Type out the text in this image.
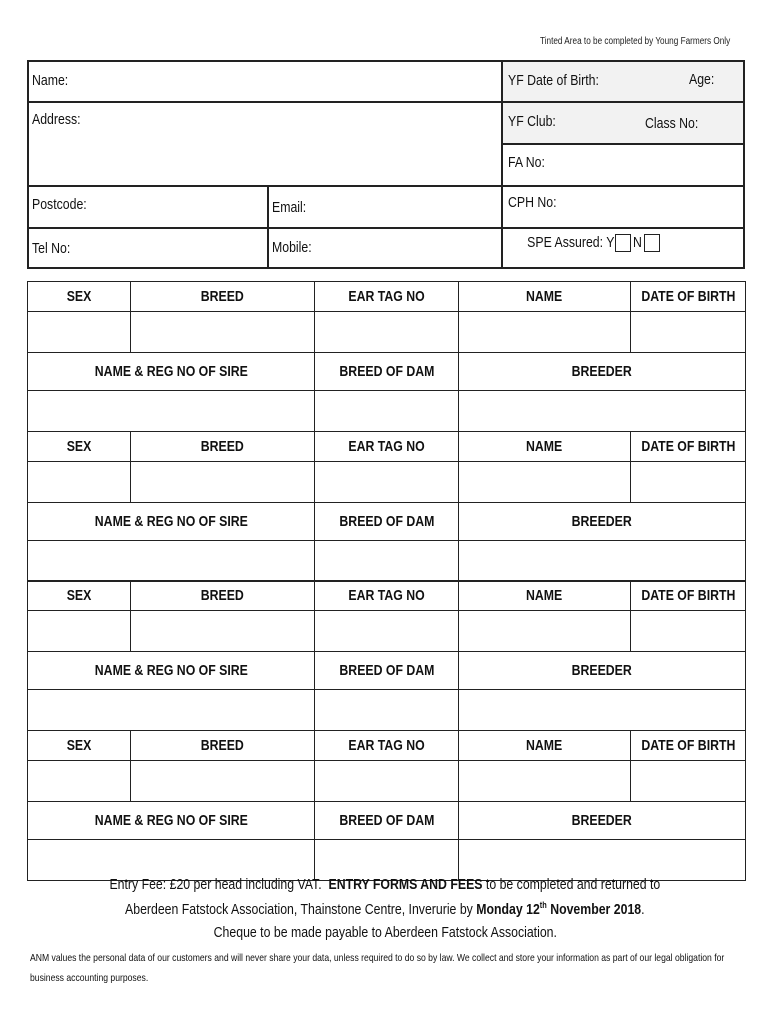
Tinted Area to be completed by Young Farmers Only
Name:
Address:
Postcode:	Email:
Tel No:	Mobile:
YF Date of Birth:	Age:
YF Club:	Class No:
FA No:
CPH No:
SPE Assured: Y N
SEX	BREED	EAR TAG NO	NAME	DATE OF BIRTH

NAME & REG NO OF SIRE		BREED OF DAM	BREEDER	

SEX	BREED	EAR TAG NO	NAME	DATE OF BIRTH

NAME & REG NO OF SIRE		BREED OF DAM	BREEDER	

SEX	BREED	EAR TAG NO	NAME	DATE OF BIRTH

NAME & REG NO OF SIRE		BREED OF DAM	BREEDER	

SEX	BREED	EAR TAG NO	NAME	DATE OF BIRTH

NAME & REG NO OF SIRE		BREED OF DAM	BREEDER	

Entry Fee: £20 per head including VAT. ENTRY FORMS AND FEES to be completed and returned to
Aberdeen Fatstock Association, Thainstone Centre, Inverurie by Monday 12th November 2018.
Cheque to be made payable to Aberdeen Fatstock Association.
ANM values the personal data of our customers and will never share your data, unless required to do so by law. We collect and store your information as part of our legal obligation for business accounting purposes.
